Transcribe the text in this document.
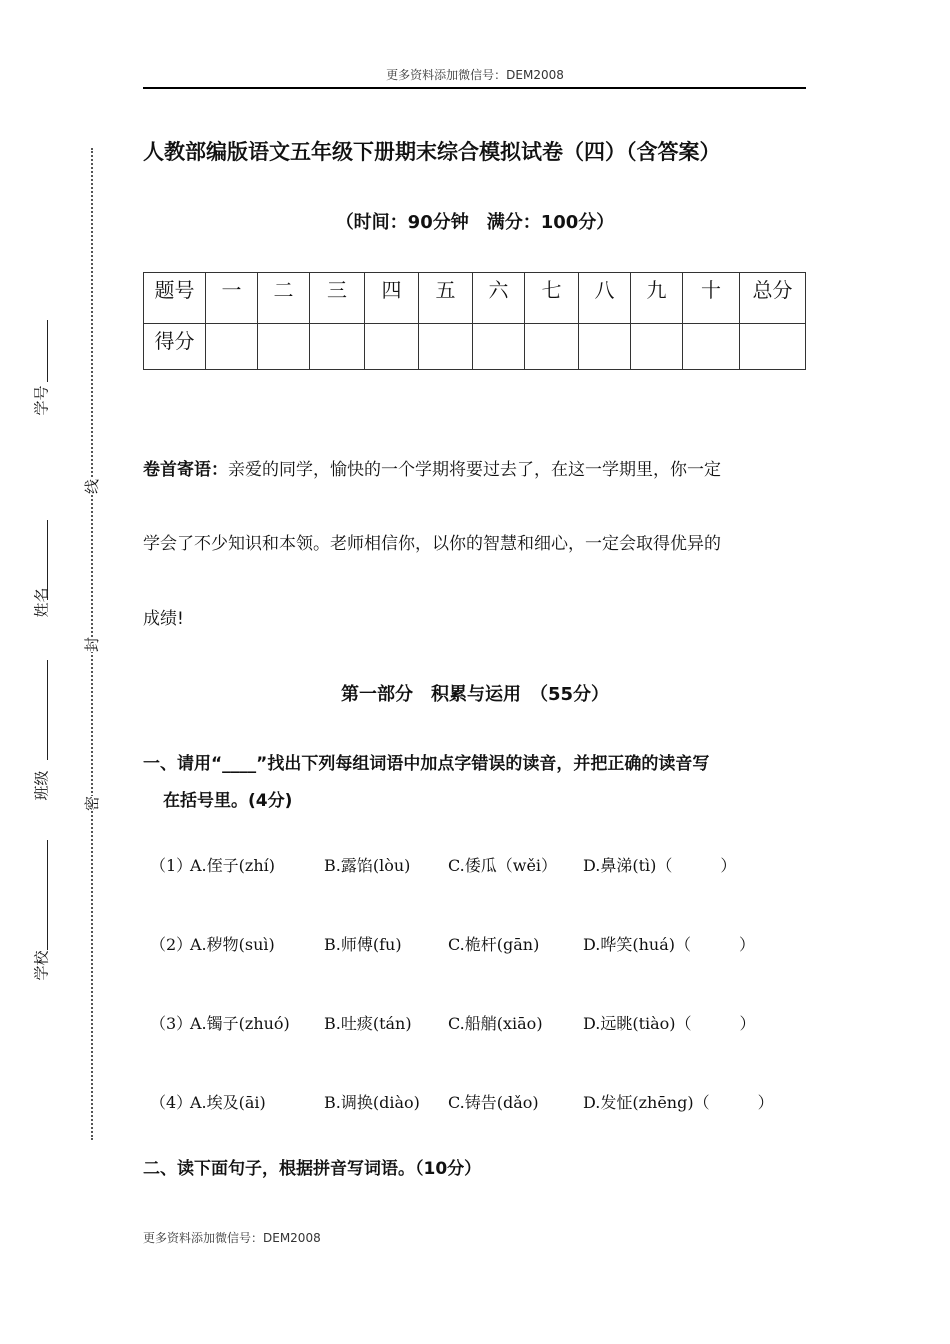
更多资料添加微信号：DEM2008
学号
姓名
班级
学校
线
封
密
人教部编版语文五年级下册期末综合模拟试卷（四）（含答案）
（时间：90分钟　满分：100分）
题号	一	二	三	四	五	六	七	八	九	十	总分
得分											
卷首寄语：亲爱的同学，愉快的一个学期将要过去了，在这一学期里，你一定
学会了不少知识和本领。老师相信你，以你的智慧和细心，一定会取得优异的
成绩!
第一部分　积累与运用　（55分）
一、请用“____”找出下列每组词语中加点字错误的读音，并把正确的读音写
在括号里。(4分)
（1）A.侄子(zhí)	B.露馅(lòu) C.倭瓜（wěi） D.鼻涕(tì)（　　　）
（2）A.秽物(suì)	B.师傅(fu)	C.桅杆(gān)	D.哗笑(huá)（　　　）
（3）A.镯子(zhuó) B.吐痰(tán) C.船艄(xiāo)	D.远眺(tiào)（　　　）
（4）A.埃及(āi)	B.调换(diào) C.铸告(dǎo)	D.发怔(zhēng)（　　　）
二、读下面句子，根据拼音写词语。（10分）
更多资料添加微信号：DEM2008
